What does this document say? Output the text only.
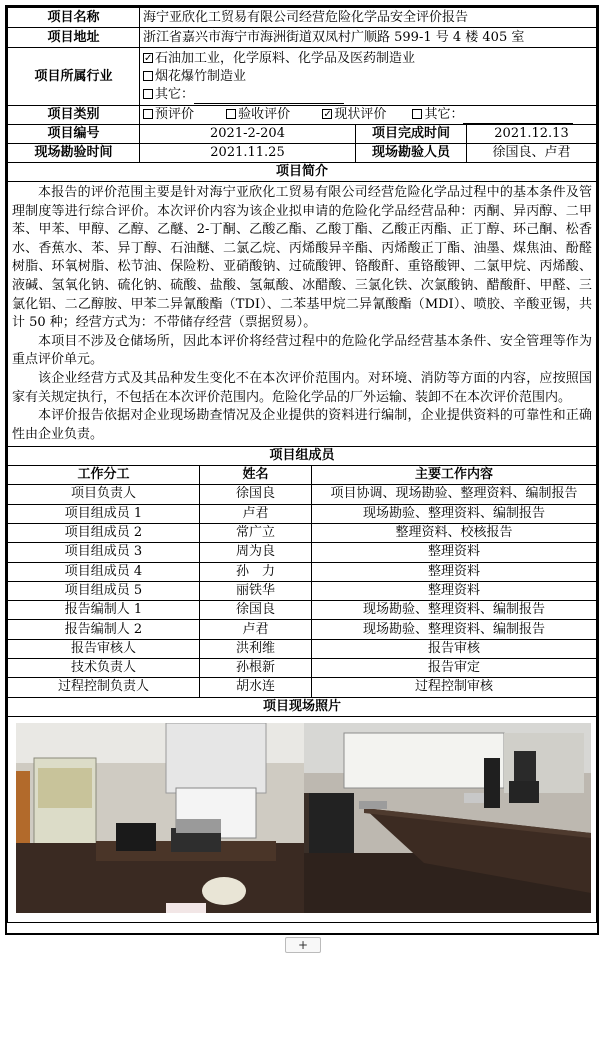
项目名称	海宁亚欣化工贸易有限公司经营危险化学品安全评价报告		
项目地址	浙江省嘉兴市海宁市海洲街道双凤村广顺路 599-1 号 4 楼 405 室		
项目所属行业	
✓石油加工业，化学原料、化学品及医药制造业
烟花爆竹制造业
其它：

项目类别	预评价 验收评价 ✓ 现状评价 其它：
项目编号	2021-2-204	项目完成时间	2021.12.13
现场勘验时间	2021.11.25	现场勘验人员	徐国良、卢君
项目简介			

本报告的评价范围主要是针对海宁亚欣化工贸易有限公司经营危险化学品过程中的基本条件及管理制度等进行综合评价。本次评价内容为该企业拟申请的危险化学品经营品种：丙酮、异丙醇、二甲苯、甲苯、甲醇、乙醇、乙醚、2-丁酮、乙酸乙酯、乙酸丁酯、乙酸正丙酯、正丁醇、环己酮、松香水、香蕉水、苯、异丁醇、石油醚、二氯乙烷、丙烯酸异辛酯、丙烯酸正丁酯、油墨、煤焦油、酚醛树脂、环氧树脂、松节油、保险粉、亚硝酸钠、过硫酸钾、铬酸酐、重铬酸钾、二氯甲烷、丙烯酸、液碱、氢氧化钠、硫化钠、硫酸、盐酸、氢氟酸、冰醋酸、三氯化铁、次氯酸钠、醋酸酐、甲醛、三氯化铝、二乙醇胺、甲苯二异氰酸酯（TDI）、二苯基甲烷二异氰酸酯（MDI）、喷胶、辛酸亚锡，共计 50 种；经营方式为：不带储存经营（票据贸易）。

本项目不涉及仓储场所，因此本评价将经营过程中的危险化学品经营基本条件、安全管理等作为重点评价单元。

该企业经营方式及其品种发生变化不在本次评价范围内。对环境、消防等方面的内容，应按照国家有关规定执行，不包括在本次评价范围内。危险化学品的厂外运输、装卸不在本次评价范围内。

本评价报告依据对企业现场勘查情况及企业提供的资料进行编制，企业提供资料的可靠性和正确性由企业负责。			

项目组成员		
工作分工	姓名	主要工作内容
项目负责人	徐国良	项目协调、现场勘验、整理资料、编制报告
项目组成员 1	卢君	现场勘验、整理资料、编制报告
项目组成员 2	常广立	整理资料、校核报告
项目组成员 3	周为良	整理资料
项目组成员 4	孙　力	整理资料
项目组成员 5	丽铁华	整理资料
报告编制人 1	徐国良	现场勘验、整理资料、编制报告
报告编制人 2	卢君	现场勘验、整理资料、编制报告
报告审核人	洪利维	报告审核
技术负责人	孙根新	报告审定
过程控制负责人	胡水连	过程控制审核
项目现场照片		

+
